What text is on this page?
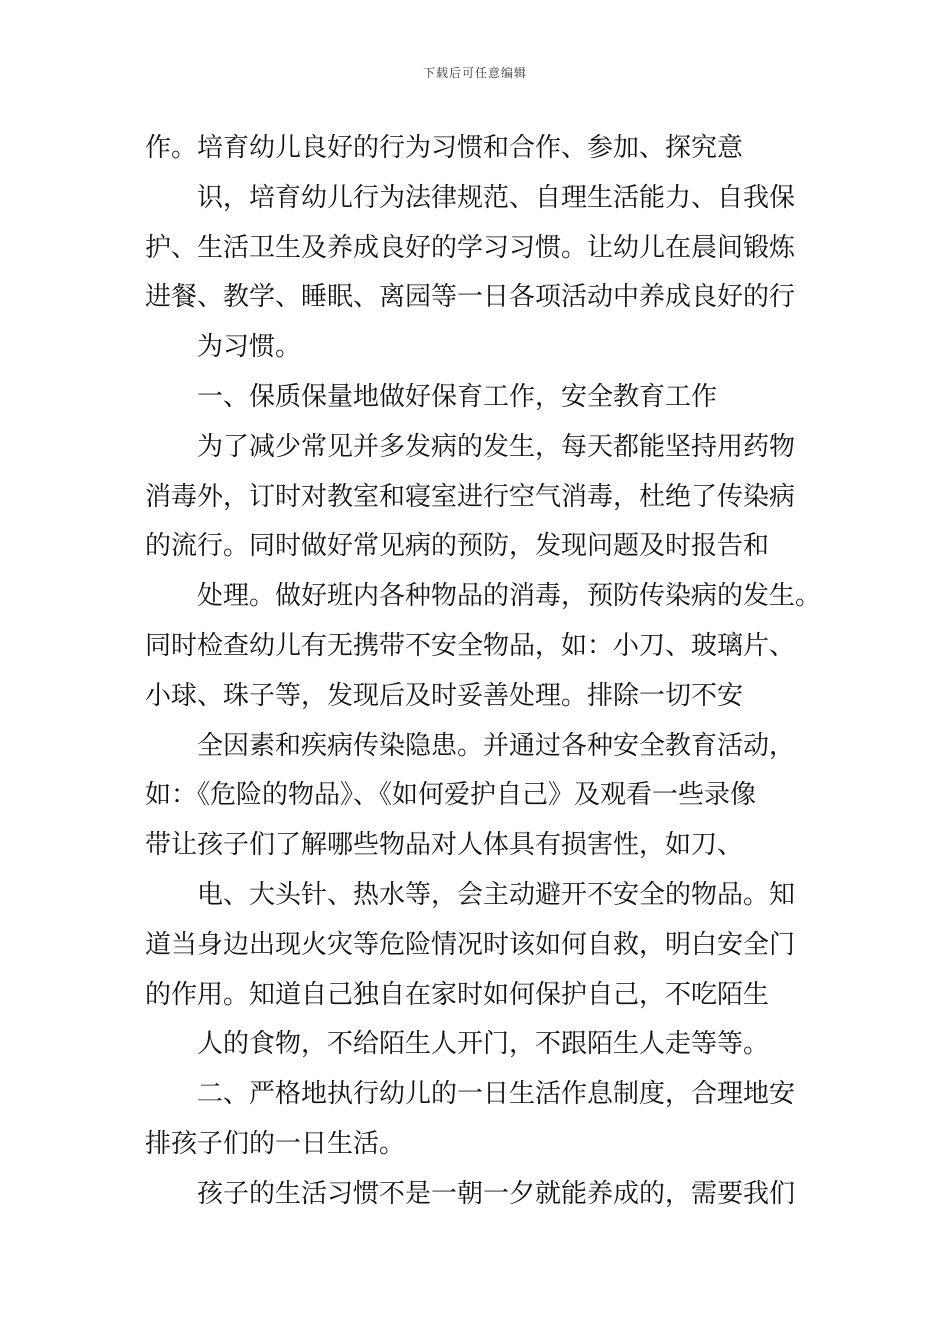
下载后可任意编辑
作。培育幼儿良好的行为习惯和合作、参加、探究意
识，培育幼儿行为法律规范、自理生活能力、自我保
护、生活卫生及养成良好的学习习惯。让幼儿在晨间锻炼
进餐、教学、睡眠、离园等一日各项活动中养成良好的行
为习惯。
一、保质保量地做好保育工作，安全教育工作
为了减少常见并多发病的发生，每天都能坚持用药物
消毒外，订时对教室和寝室进行空气消毒，杜绝了传染病
的流行。同时做好常见病的预防，发现问题及时报告和
处理。做好班内各种物品的消毒，预防传染病的发生。
同时检查幼儿有无携带不安全物品，如：小刀、玻璃片、
小球、珠子等，发现后及时妥善处理。排除一切不安
全因素和疾病传染隐患。并通过各种安全教育活动，
如：《危险的物品》、《如何爱护自己》及观看一些录像
带让孩子们了解哪些物品对人体具有损害性，如刀、
电、大头针、热水等，会主动避开不安全的物品。知
道当身边出现火灾等危险情况时该如何自救，明白安全门
的作用。知道自己独自在家时如何保护自己，不吃陌生
人的食物，不给陌生人开门，不跟陌生人走等等。
二、严格地执行幼儿的一日生活作息制度，合理地安
排孩子们的一日生活。
孩子的生活习惯不是一朝一夕就能养成的，需要我们
